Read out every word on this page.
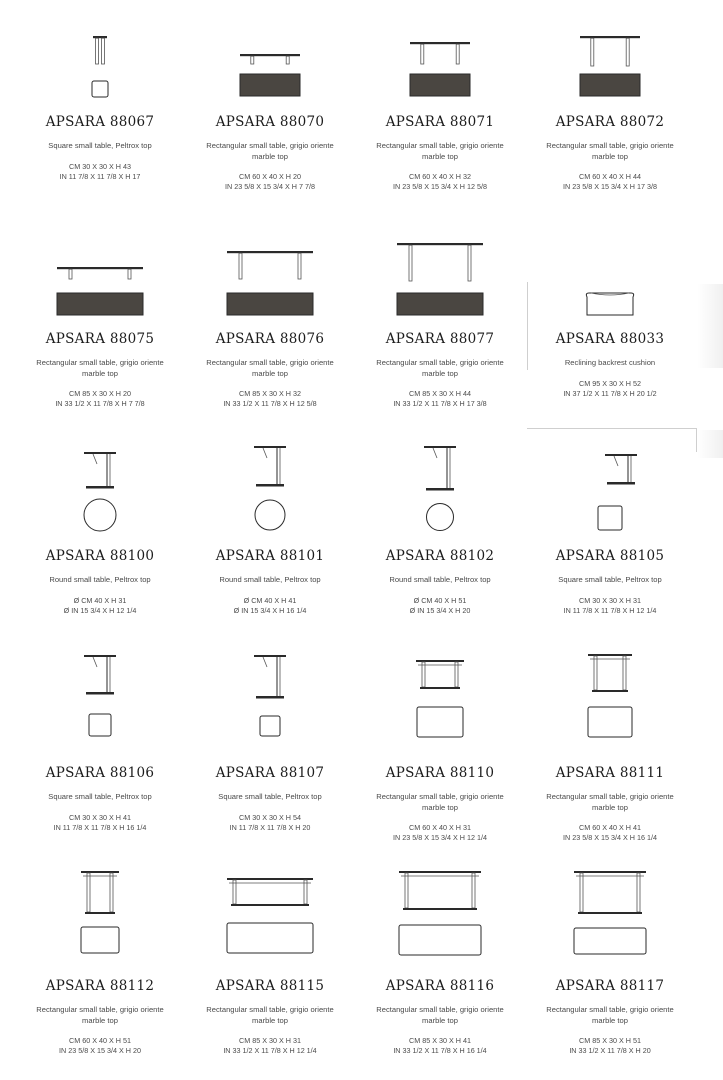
APSARA 88067
Square small table, Peltrox top
CM 30 X 30 X H 43
IN 11 7/8 X 11 7/8 X H 17
APSARA 88070
Rectangular small table, grigio oriente marble top
CM 60 X 40 X H 20
IN 23 5/8 X 15 3/4 X H 7 7/8
APSARA 88071
Rectangular small table, grigio oriente marble top
CM 60 X 40 X H 32
IN 23 5/8 X 15 3/4 X H 12 5/8
APSARA 88072
Rectangular small table, grigio oriente marble top
CM 60 X 40 X H 44
IN 23 5/8 X 15 3/4 X H 17 3/8
APSARA 88075
Rectangular small table, grigio oriente marble top
CM 85 X 30 X H 20
IN 33 1/2 X 11 7/8 X H 7 7/8
APSARA 88076
Rectangular small table, grigio oriente marble top
CM 85 X 30 X H 32
IN 33 1/2 X 11 7/8 X H 12 5/8
APSARA 88077
Rectangular small table, grigio oriente marble top
CM 85 X 30 X H 44
IN 33 1/2 X 11 7/8 X H 17 3/8
APSARA 88033
Reclining backrest cushion
CM 95 X 30 X H 52
IN 37 1/2 X 11 7/8 X H 20 1/2
APSARA 88100
Round small table, Peltrox top
Ø CM 40 X H 31
Ø IN 15 3/4 X H 12 1/4
APSARA 88101
Round small table, Peltrox top
Ø CM 40 X H 41
Ø IN 15 3/4 X H 16 1/4
APSARA 88102
Round small table, Peltrox top
Ø CM 40 X H 51
Ø IN 15 3/4 X H 20
APSARA 88105
Square small table, Peltrox top
CM 30 X 30 X H 31
IN 11 7/8 X 11 7/8 X H 12 1/4
APSARA 88106
Square small table, Peltrox top
CM 30 X 30 X H 41
IN 11 7/8 X 11 7/8 X H 16 1/4
APSARA 88107
Square small table, Peltrox top
CM 30 X 30 X H 54
IN 11 7/8 X 11 7/8 X H 20
APSARA 88110
Rectangular small table, grigio oriente marble top
CM 60 X 40 X H 31
IN 23 5/8 X 15 3/4 X H 12 1/4
APSARA 88111
Rectangular small table, grigio oriente marble top
CM 60 X 40 X H 41
IN 23 5/8 X 15 3/4 X H 16 1/4
APSARA 88112
Rectangular small table, grigio oriente marble top
CM 60 X 40 X H 51
IN 23 5/8 X 15 3/4 X H 20
APSARA 88115
Rectangular small table, grigio oriente marble top
CM 85 X 30 X H 31
IN 33 1/2 X 11 7/8 X H 12 1/4
APSARA 88116
Rectangular small table, grigio oriente marble top
CM 85 X 30 X H 41
IN 33 1/2 X 11 7/8 X H 16 1/4
APSARA 88117
Rectangular small table, grigio oriente marble top
CM 85 X 30 X H 51
IN 33 1/2 X 11 7/8 X H 20
